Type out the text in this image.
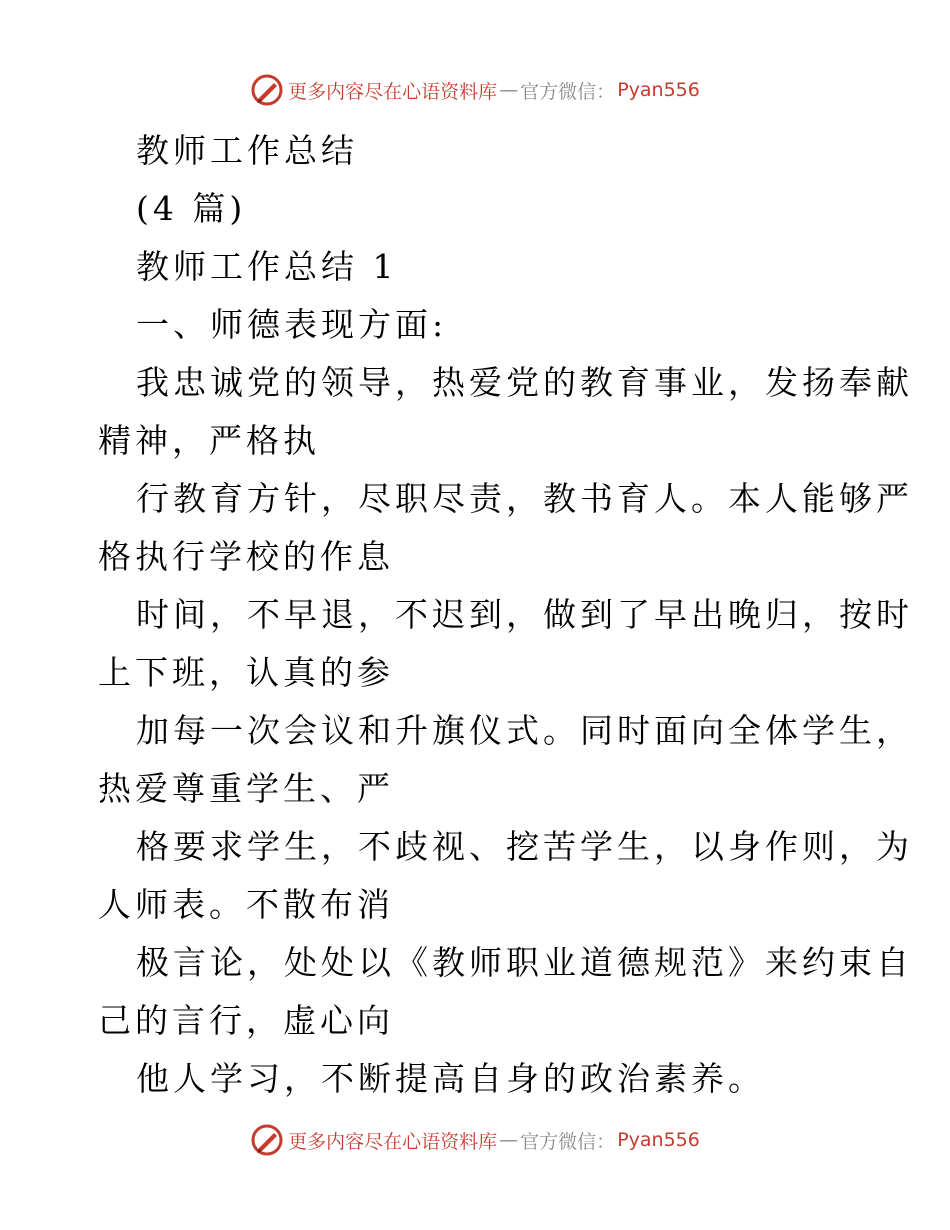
更多内容尽在心语资料库 — 官方微信： Pyan556
教师工作总结
(4 篇)
教师工作总结 1
一、师德表现方面:
我忠诚党的领导，热爱党的教育事业，发扬奉献
精神，严格执
行教育方针，尽职尽责，教书育人。本人能够严
格执行学校的作息
时间，不早退，不迟到，做到了早出晚归，按时
上下班，认真的参
加每一次会议和升旗仪式。同时面向全体学生，
热爱尊重学生、严
格要求学生，不歧视、挖苦学生，以身作则，为
人师表。不散布消
极言论，处处以《教师职业道德规范》来约束自
己的言行，虚心向
他人学习，不断提高自身的政治素养。
更多内容尽在心语资料库 — 官方微信： Pyan556
